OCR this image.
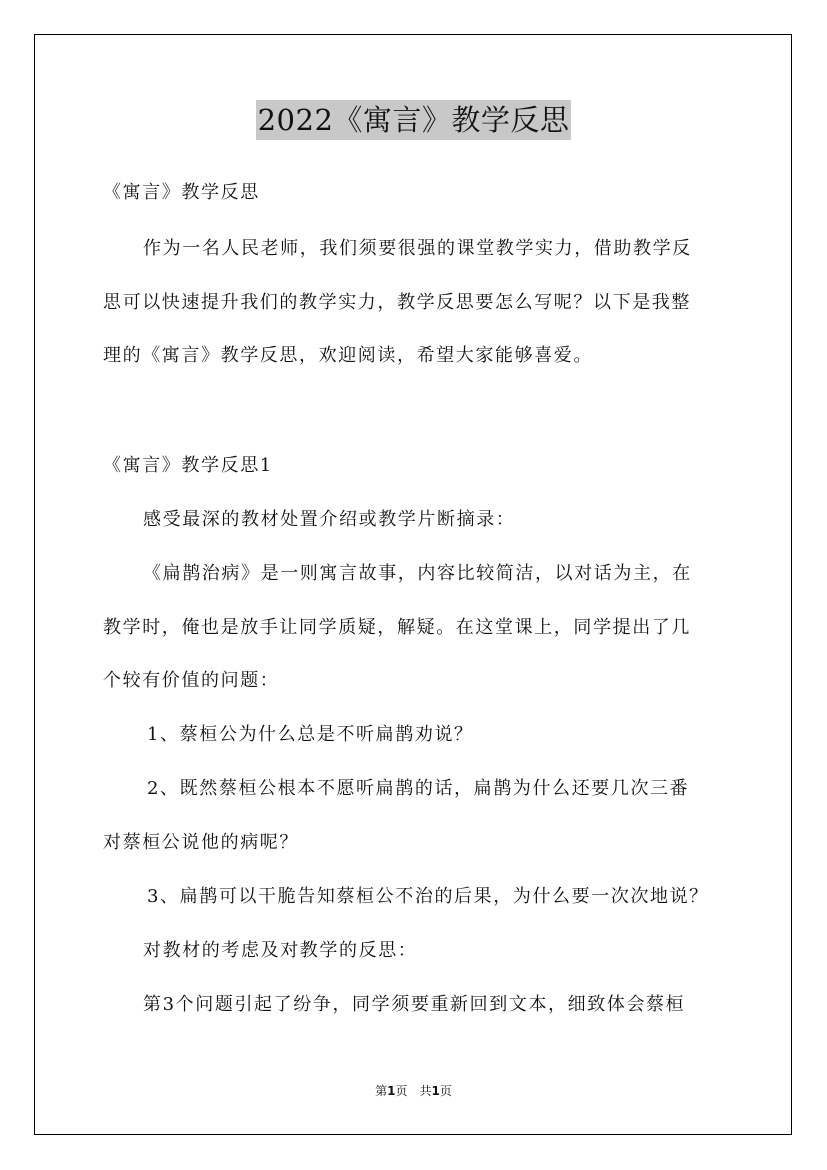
2022《寓言》教学反思
《寓言》教学反思
作为一名人民老师，我们须要很强的课堂教学实力，借助教学反
思可以快速提升我们的教学实力，教学反思要怎么写呢？以下是我整
理的《寓言》教学反思，欢迎阅读，希望大家能够喜爱。
《寓言》教学反思1
感受最深的教材处置介绍或教学片断摘录：
《扁鹊治病》是一则寓言故事，内容比较简洁，以对话为主，在
教学时，俺也是放手让同学质疑，解疑。在这堂课上，同学提出了几
个较有价值的问题：
1、蔡桓公为什么总是不听扁鹊劝说？
2、既然蔡桓公根本不愿听扁鹊的话，扁鹊为什么还要几次三番
对蔡桓公说他的病呢？
3、扁鹊可以干脆告知蔡桓公不治的后果，为什么要一次次地说？
对教材的考虑及对教学的反思：
第3个问题引起了纷争，同学须要重新回到文本，细致体会蔡桓
第1页 共1页
